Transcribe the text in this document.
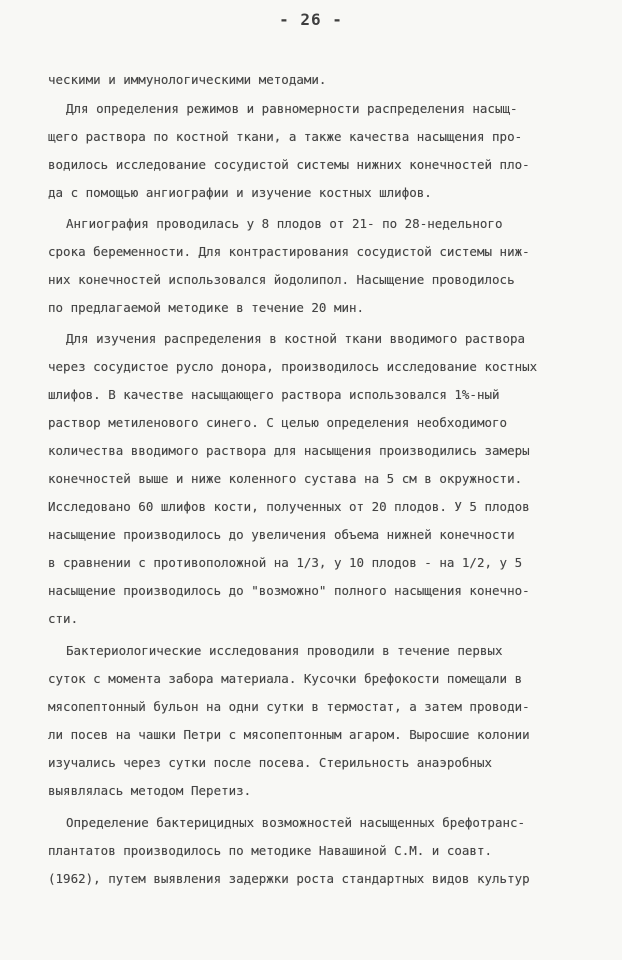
- 26 -
ческими и иммунологическими методами.
Для определения режимов и равномерности распределения насыщ-
щего раствора по костной ткани, а также качества насыщения про-
водилось исследование сосудистой системы нижних конечностей пло-
да с помощью ангиографии и изучение костных шлифов.
Ангиография проводилась у 8 плодов от 21- по 28-недельного
срока беременности. Для контрастирования сосудистой системы ниж-
них конечностей использовался йодолипол. Насыщение проводилось
по предлагаемой методике в течение 20 мин.
Для изучения распределения в костной ткани вводимого раствора
через сосудистое русло донора, производилось исследование костных
шлифов. В качестве насыщающего раствора использовался 1%-ный
раствор метиленового синего. С целью определения необходимого
количества вводимого раствора для насыщения производились замеры
конечностей выше и ниже коленного сустава на 5 см в окружности.
Исследовано 60 шлифов кости, полученных от 20 плодов. У 5 плодов
насыщение производилось до увеличения объема нижней конечности
в сравнении с противоположной на 1/3, у 10 плодов - на 1/2, у 5
насыщение производилось до "возможно" полного насыщения конечно-
сти.
Бактериологические исследования проводили в течение первых
суток с момента забора материала. Кусочки брефокости помещали в
мясопептонный бульон на одни сутки в термостат, а затем проводи-
ли посев на чашки Петри с мясопептонным агаром. Выросшие колонии
изучались через сутки после посева. Стерильность анаэробных
выявлялась методом Перетиз.
Определение бактерицидных возможностей насыщенных брефотранс-
плантатов производилось по методике Навашиной С.М. и соавт.
(1962), путем выявления задержки роста стандартных видов культур
